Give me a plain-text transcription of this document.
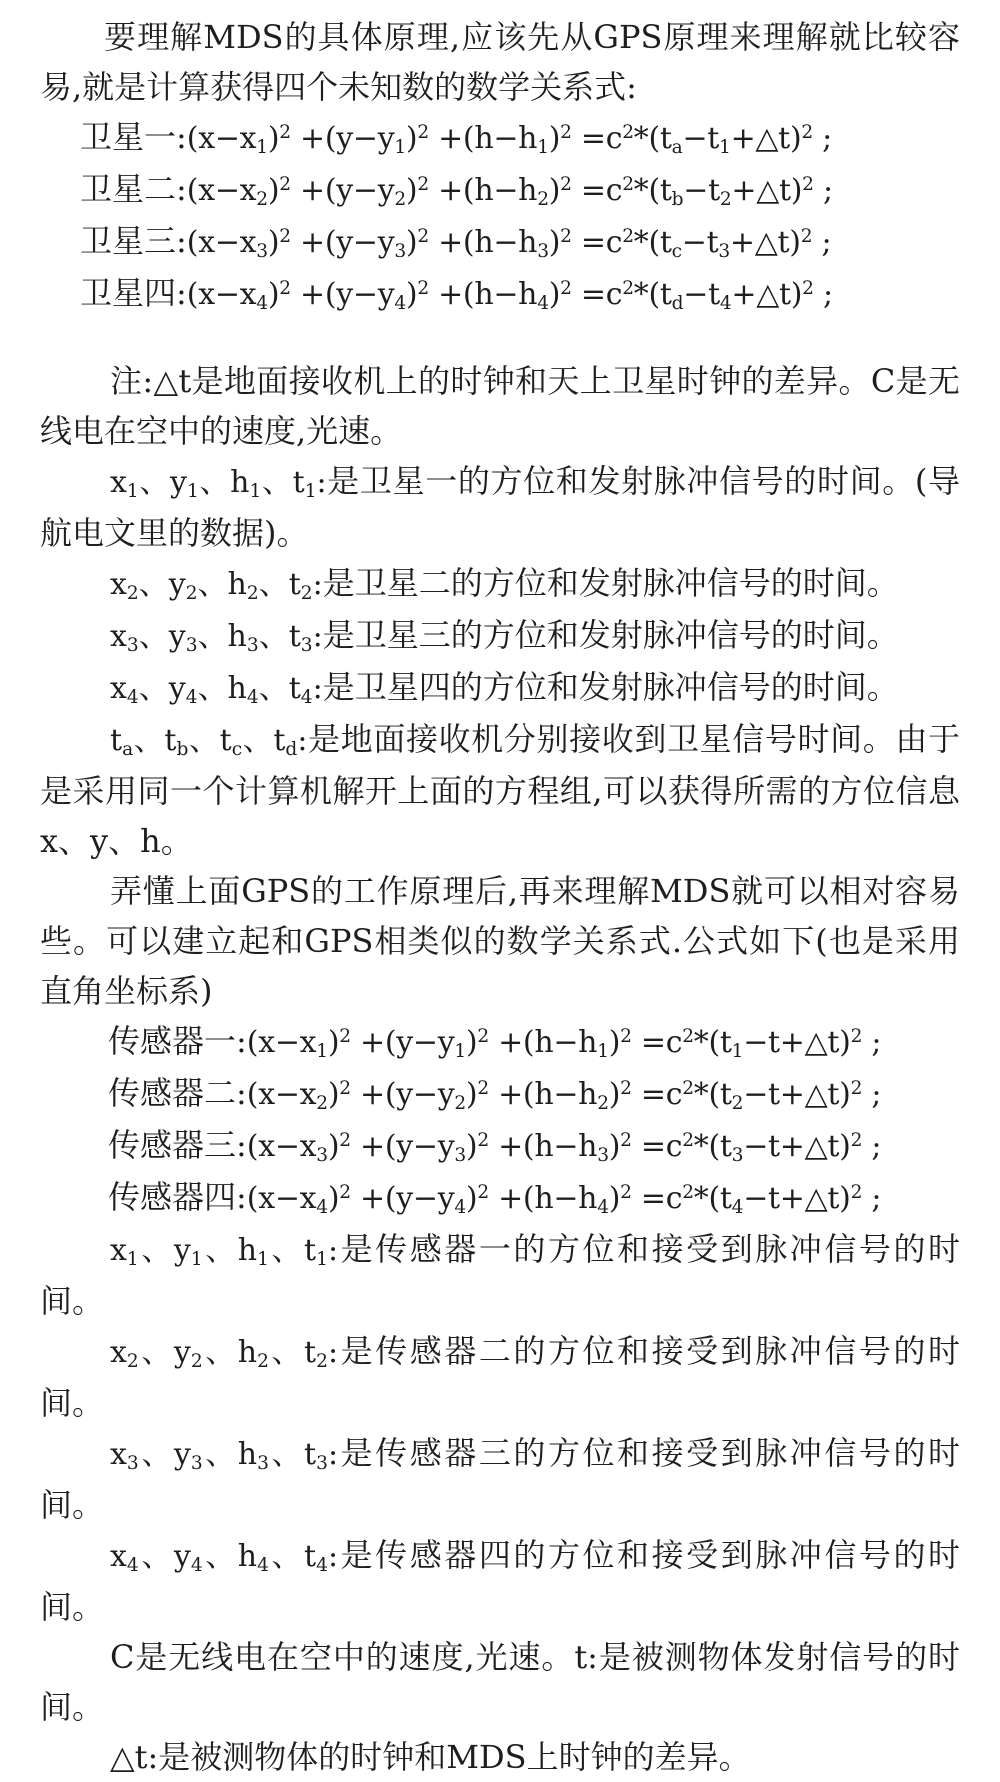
要理解MDS的具体原理,应该先从GPS原理来理解就比较容易,就是计算获得四个未知数的数学关系式:

卫星一$:(x-x_1)^2 +(y-y_1)^2 +(h-h_1)^2$ $=c^2*(t_a-t_1+\triangle t)^2$ ;
卫星二$:(x-x_2)^2 +(y-y_2)^2 +(h-h_2)^2$ $=c^2*(t_b-t_2+\triangle t)^2$ ;
卫星三$:(x-x_3)^2 +(y-y_3)^2 +(h-h_3)^2$ $=c^2*(t_c-t_3+\triangle t)^2$ ;
卫星四$:(x-x_4)^2 +(y-y_4)^2 +(h-h_4)^2$ $=c^2*(t_d-t_4+\triangle t)^2$ ;

注:△t是地面接收机上的时钟和天上卫星时钟的差异。C是无线电在空中的速度,光速。

$x_1$、$y_1$、$h_1$、$t_1$:是卫星一的方位和发射脉冲信号的时间。(导航电文里的数据)。

$x_2$、$y_2$、$h_2$、$t_2$:是卫星二的方位和发射脉冲信号的时间。

$x_3$、$y_3$、$h_3$、$t_3$:是卫星三的方位和发射脉冲信号的时间。

$x_4$、$y_4$、$h_4$、$t_4$:是卫星四的方位和发射脉冲信号的时间。

$t_a$、$t_b$、$t_c$、$t_d$:是地面接收机分别接收到卫星信号时间。由于是采用同一个计算机解开上面的方程组,可以获得所需的方位信息x、y、h。

弄懂上面GPS的工作原理后,再来理解MDS就可以相对容易些。可以建立起和GPS相类似的数学关系式.公式如下(也是采用直角坐标系)

传感器一$:(x-x_1)^2 +(y-y_1)^2 +(h-h_1)^2$ $=c^2*(t_1-t+\triangle t)^2$ ;
传感器二$:(x-x_2)^2 +(y-y_2)^2 +(h-h_2)^2$ $=c^2*(t_2-t+\triangle t)^2$ ;
传感器三$:(x-x_3)^2 +(y-y_3)^2 +(h-h_3)^2$ $=c^2*(t_3-t+\triangle t)^2$ ;
传感器四$:(x-x_4)^2 +(y-y_4)^2 +(h-h_4)^2$ $=c^2*(t_4-t+\triangle t)^2$ ;

$x_1$、$y_1$、$h_1$、$t_1$:是传感器一的方位和接受到脉冲信号的时间。

$x_2$、$y_2$、$h_2$、$t_2$:是传感器二的方位和接受到脉冲信号的时间。

$x_3$、$y_3$、$h_3$、$t_3$:是传感器三的方位和接受到脉冲信号的时间。

$x_4$、$y_4$、$h_4$、$t_4$:是传感器四的方位和接受到脉冲信号的时间。

C是无线电在空中的速度,光速。t:是被测物体发射信号的时间。

△t:是被测物体的时钟和MDS上时钟的差异。
